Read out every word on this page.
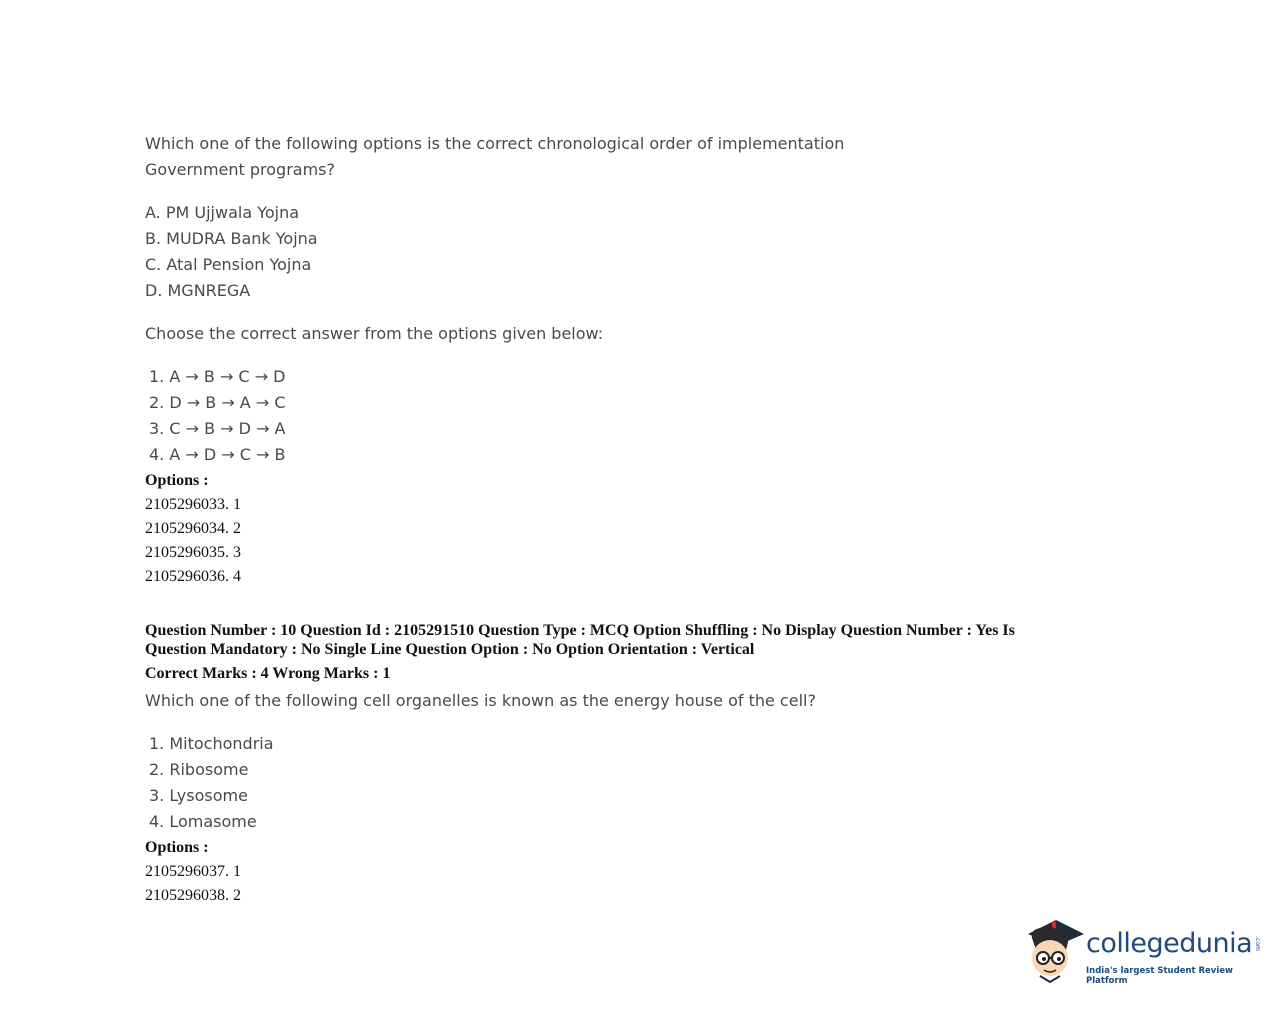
Which one of the following options is the correct chronological order of implementation
Government programs?
A. PM Ujjwala Yojna
B. MUDRA Bank Yojna
C. Atal Pension Yojna
D. MGNREGA
Choose the correct answer from the options given below:
1. A → B → C → D
2. D → B → A → C
3. C → B → D → A
4. A → D → C → B
Options :
2105296033. 1
2105296034. 2
2105296035. 3
2105296036. 4
Question Number : 10 Question Id : 2105291510 Question Type : MCQ Option Shuffling : No Display Question Number : Yes Is
Question Mandatory : No Single Line Question Option : No Option Orientation : Vertical
Correct Marks : 4 Wrong Marks : 1
Which one of the following cell organelles is known as the energy house of the cell?
1. Mitochondria
2. Ribosome
3. Lysosome
4. Lomasome
Options :
2105296037. 1
2105296038. 2
collegedunia .com
India's largest Student Review Platform
